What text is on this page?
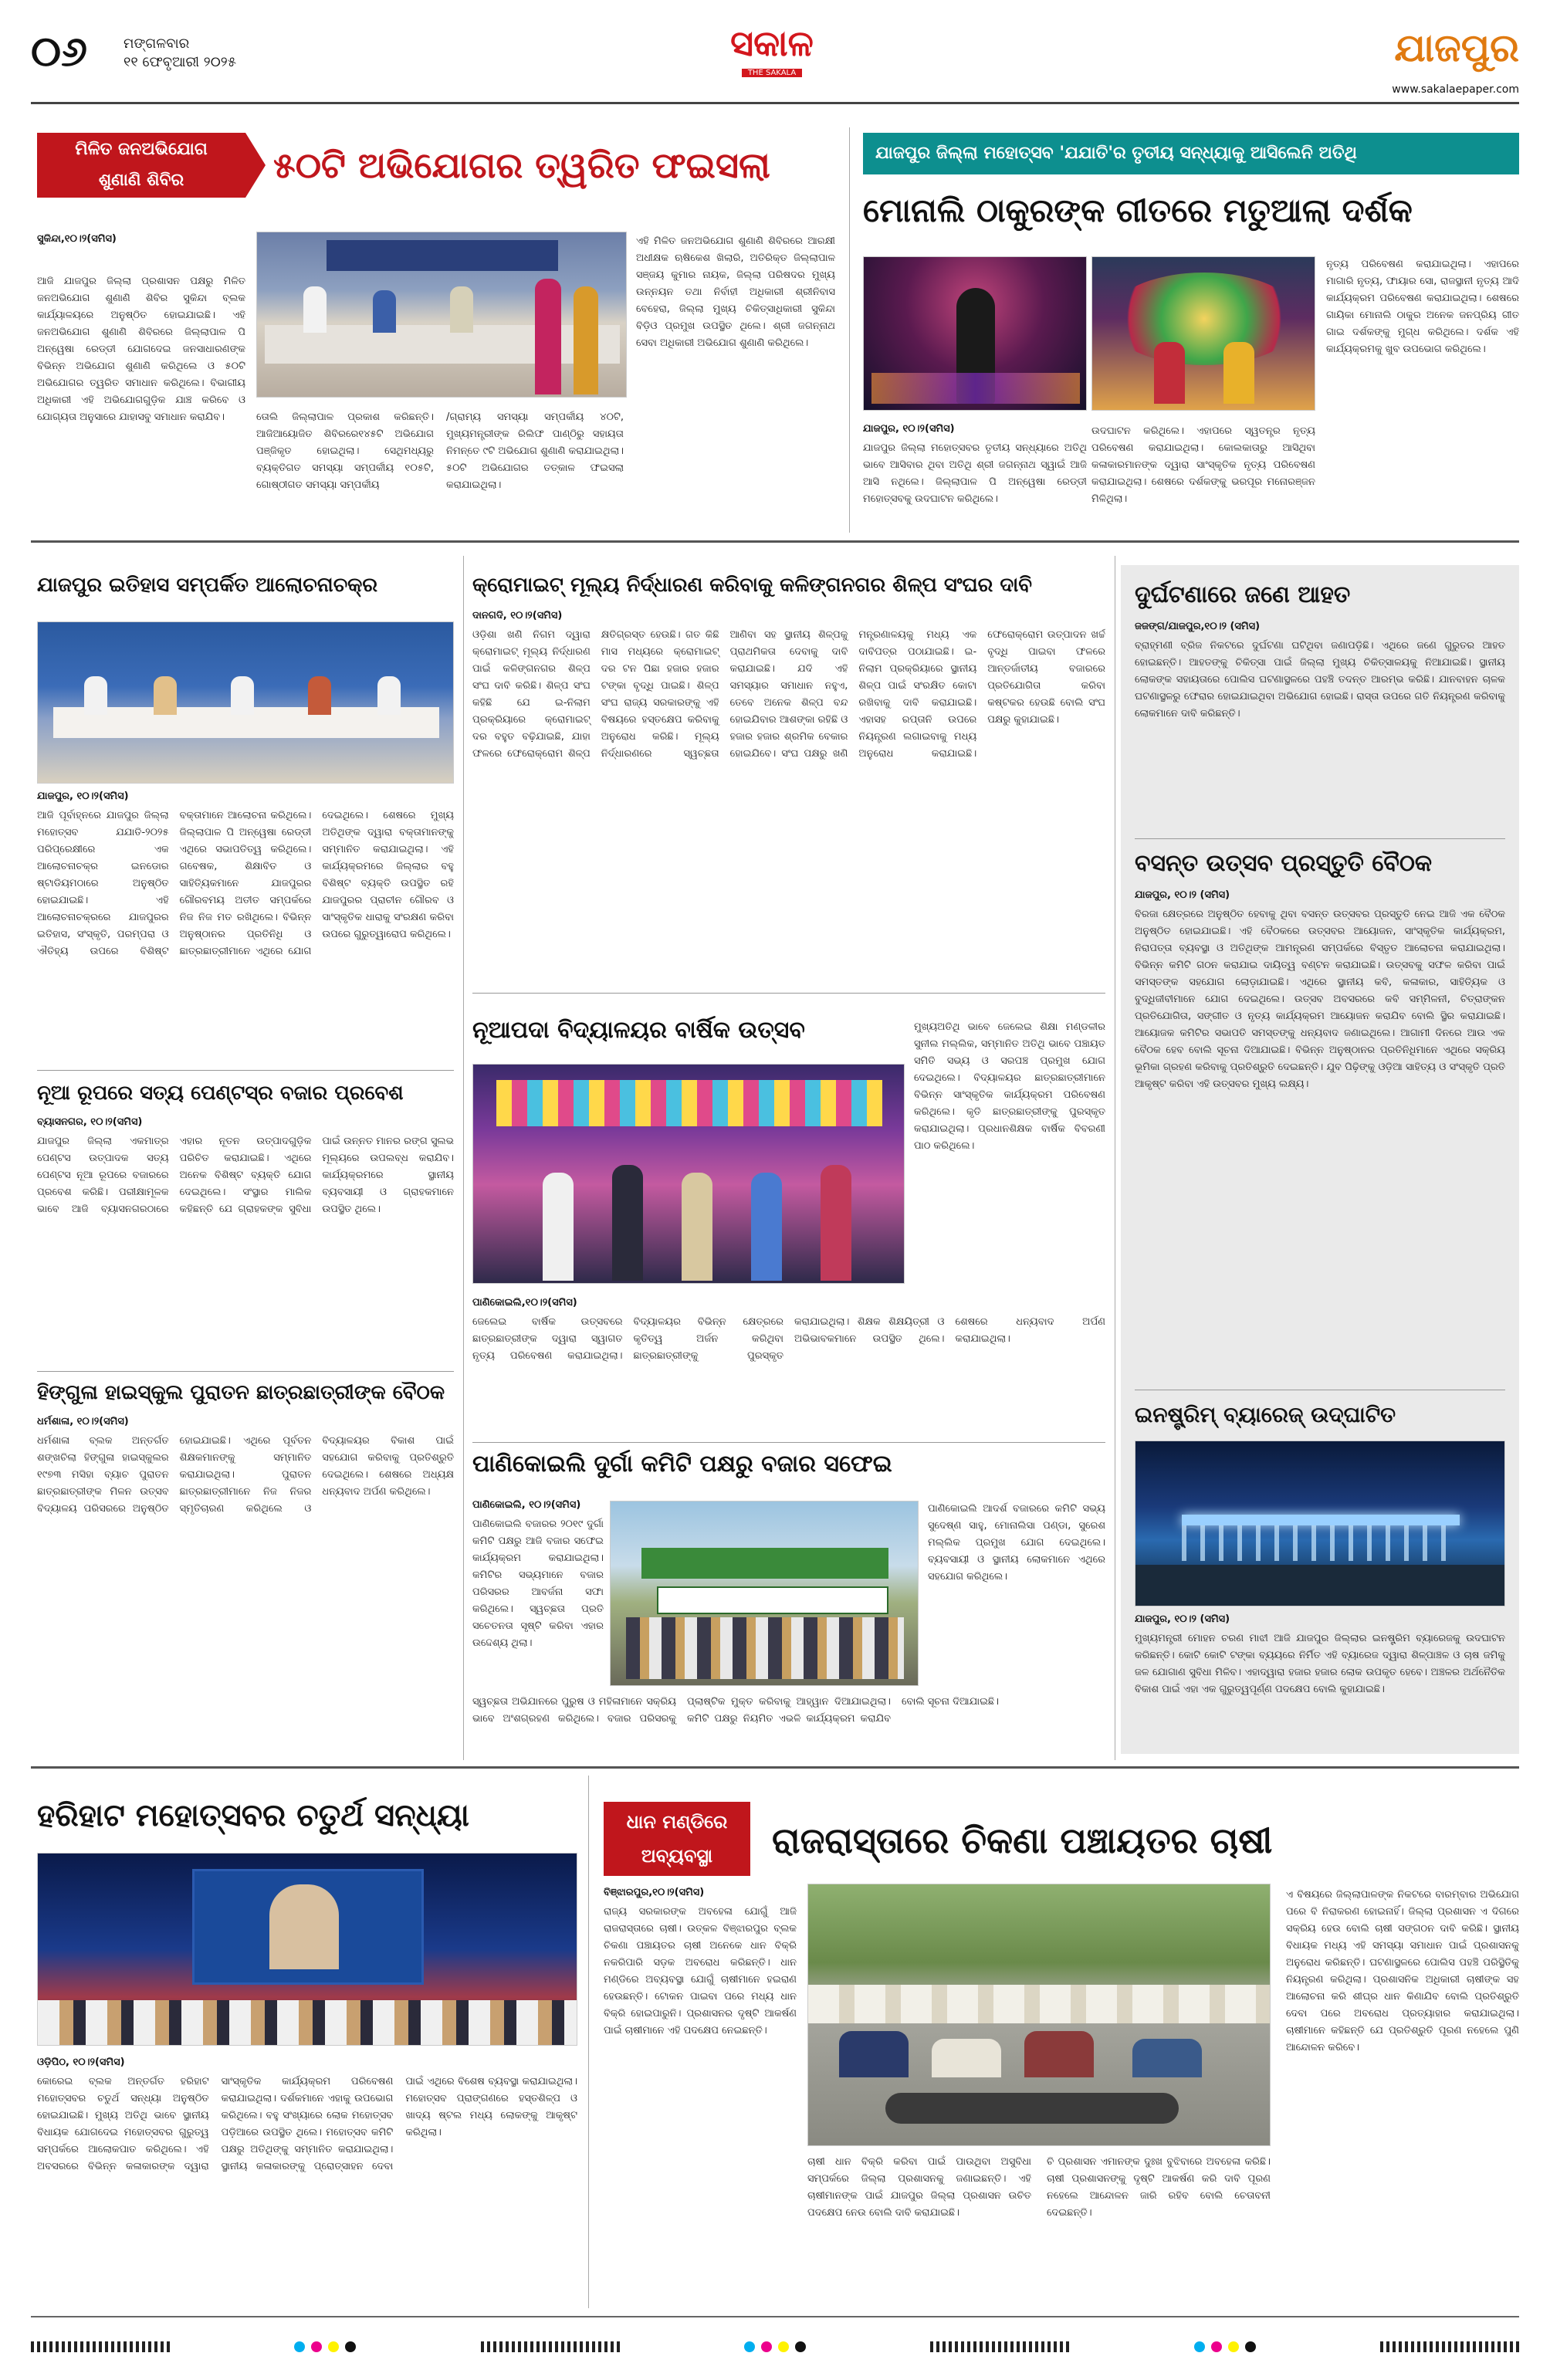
୦୬	ମଙ୍ଗଳବାର
୧୧ ଫେବୃଆରୀ ୨୦୨୫	ସକାଳ
THE SAKALA
ଯାଜପୁର
www.sakalaepaper.com
ମିଳିତ ଜନଅଭିଯୋଗ
ଶୁଣାଣି ଶିବିର	୫୦ଟି ଅଭିଯୋଗର ତ୍ୱରିତ ଫଇସଲା
ସୁକିନ୍ଦା,୧୦।୨(ସମିସ)
ଆଜି ଯାଜପୁର ଜିଲ୍ଲା ପ୍ରଶାସନ ପକ୍ଷରୁ ମିଳିତ ଜନଅଭିଯୋଗ ଶୁଣାଣି ଶିବିର ସୁକିନ୍ଦା ବ୍ଲକ କାର୍ଯ୍ୟାଳୟରେ ଅନୁଷ୍ଠିତ ହୋଇଯାଇଛି। ଏହି ଜନଅଭିଯୋଗ ଶୁଣାଣି ଶିବିରରେ ଜିଲ୍ଲାପାଳ ପି ଅନ୍ୱେଷା ରେଡ୍ଡୀ ଯୋଗଦେଇ ଜନସାଧାରଣଙ୍କ ବିଭିନ୍ନ ଅଭିଯୋଗ ଶୁଣାଣି କରିଥିଲେ ଓ ୫୦ଟି ଅଭିଯୋଗର ତ୍ୱରିତ ସମାଧାନ କରିଥିଲେ। ବିଭାଗୀୟ ଅଧିକାରୀ ଏହି ଅଭିଯୋଗଗୁଡ଼ିକ ଯାଞ୍ଚ କରିବେ ଓ ଯୋଗ୍ୟତା ଅନୁସାରେ ଯାହାସବୁ ସମାଧାନ କରାଯିବ।	ତୋଲି ଜିଲ୍ଲାପାଳ ପ୍ରକାଶ କରିଛନ୍ତି। ଆଜିଆୟୋଜିତ ଶିବିରରେ୧୪୫ଟି ଅଭିଯୋଗ ପଞ୍ଜିକୃତ ହୋଇଥିଲା। ସେଥିମଧ୍ୟରୁ ବ୍ୟକ୍ତିଗତ ସମସ୍ୟା ସମ୍ପର୍କୀୟ ୧୦୫ଟି, ଗୋଷ୍ଠୀଗତ ସମସ୍ୟା ସମ୍ପର୍କୀୟ
/ଗ୍ରାମ୍ୟ ସମସ୍ୟା ସମ୍ପର୍କୀୟ ୪୦ଟି, ମୁଖ୍ୟମନ୍ତ୍ରୀଙ୍କ ରିଲିଫ ପାଣ୍ଠିରୁ ସହାୟତା ନିମନ୍ତେ ୯ଟି ଅଭିଯୋଗ ଶୁଣାଣି କରାଯାଇଥିଲା। ୫୦ଟି ଅଭିଯୋଗର ତତ୍କାଳ ଫଇସଲା କରାଯାଇଥିଲା।
ଏହି ମିଳିତ ଜନଅଭିଯୋଗ ଶୁଣାଣି ଶିବିରରେ ଆରକ୍ଷୀ ଅଧୀକ୍ଷକ ଋଷିକେଶ ଖିଲାରି, ଅତିରିକ୍ତ ଜିଲ୍ଲାପାଳ ସଞ୍ଜୟ କୁମାର ନାୟକ, ଜିଲ୍ଲା ପରିଷଦର ମୁଖ୍ୟ ଉନ୍ନୟନ ତଥା ନିର୍ବାହୀ ଅଧିକାରୀ ଶ୍ରୀନିବାସ ବେହେରା, ଜିଲ୍ଲା ମୁଖ୍ୟ ଚିକିତ୍ସାଧିକାରୀ ସୁକିନ୍ଦା ବିଡ଼ିଓ ପ୍ରମୁଖ ଉପସ୍ଥିତ ଥିଲେ। ଶ୍ରୀ ଜଗନ୍ନାଥ ସେବା ଅଧିକାରୀ ଅଭିଯୋଗ ଶୁଣାଣି କରିଥିଲେ।
ଯାଜପୁର ଜିଲ୍ଲା ମହୋତ୍ସବ 'ଯଯାତି'ର ତୃତୀୟ ସନ୍ଧ୍ୟାକୁ ଆସିଲେନି ଅତିଥି
ମୋନାଲି ଠାକୁରଙ୍କ ଗୀତରେ ମତୁଆଲା ଦର୍ଶକ
ନୃତ୍ୟ ପରିବେଷଣ କରାଯାଇଥିଲା। ଏହାପରେ ମାଗାରି ନୃତ୍ୟ, ଫାୟାର ସୋ, ରାଜସ୍ଥାନୀ ନୃତ୍ୟ ଆଦି କାର୍ଯ୍ୟକ୍ରମ ପରିବେଷଣ କରାଯାଇଥିଲା। ଶେଷରେ ଗାୟିକା ମୋନାଲି ଠାକୁର ଅନେକ ଜନପ୍ରିୟ ଗୀତ ଗାଇ ଦର୍ଶକଙ୍କୁ ମୁଗ୍ଧ କରିଥିଲେ। ଦର୍ଶକ ଏହି କାର୍ଯ୍ୟକ୍ରମକୁ ଖୁବ ଉପଭୋଗ କରିଥିଲେ।
ଯାଜପୁର, ୧୦।୨(ସମିସ)
ଯାଜପୁର ଜିଲ୍ଲା ମହୋତ୍ସବର ତୃତୀୟ ସନ୍ଧ୍ୟାରେ ଅତିଥି ଭାବେ ଆସିବାର ଥିବା ଅତିଥି ଶ୍ରୀ ଜଗନ୍ନାଥ ସ୍ୱାଇଁ ଆଜି ଆସି ନଥିଲେ। ଜିଲ୍ଲାପାଳ ପି ଅନ୍ୱେଷା ରେଡ୍ଡୀ ମହୋତ୍ସବକୁ ଉଦଘାଟନ କରିଥିଲେ।
ଉଦଘାଟନ କରିଥିଲେ। ଏହାପରେ ସ୍ୱତନ୍ତ୍ର ନୃତ୍ୟ ପରିବେଷଣ କରାଯାଇଥିଲା। କୋଲକାତାରୁ ଆସିଥିବା କଳାକାରମାନଙ୍କ ଦ୍ୱାରା ସାଂସ୍କୃତିକ ନୃତ୍ୟ ପରିବେଷଣ କରାଯାଇଥିଲା। ଶେଷରେ ଦର୍ଶକଙ୍କୁ ଭରପୂର ମନୋରଞ୍ଜନ ମିଳିଥିଲା।
ଯାଜପୁର ଇତିହାସ ସମ୍ପର୍କିତ ଆଲୋଚନାଚକ୍ର
ଯାଜପୁର, ୧୦।୨(ସମିସ)
ଆଜି ପୂର୍ବାହ୍ନରେ ଯାଜପୁର ଜିଲ୍ଲା ମହୋତ୍ସବ ଯଯାତି-୨୦୨୫ ପରିପ୍ରେକ୍ଷୀରେ ଏକ ଆଲୋଚନାଚକ୍ର ଇନଡୋର ଷ୍ଟାଡିୟମଠାରେ ଅନୁଷ୍ଠିତ ହୋଇଯାଇଛି। ଏହି ଆଲୋଚନାଚକ୍ରରେ ଯାଜପୁରର ଇତିହାସ, ସଂସ୍କୃତି, ପରମ୍ପରା ଓ ଐତିହ୍ୟ ଉପରେ ବିଶିଷ୍ଟ ବକ୍ତାମାନେ ଆଲୋଚନା କରିଥିଲେ। ଜିଲ୍ଲାପାଳ ପି ଅନ୍ୱେଷା ରେଡ୍ଡୀ ଏଥିରେ ସଭାପତିତ୍ୱ କରିଥିଲେ। ଗବେଷକ, ଶିକ୍ଷାବିତ ଓ ସାହିତ୍ୟିକମାନେ ଯାଜପୁରର ଗୌରବମୟ ଅତୀତ ସମ୍ପର୍କରେ ନିଜ ନିଜ ମତ ରଖିଥିଲେ। ବିଭିନ୍ନ ଅନୁଷ୍ଠାନର ପ୍ରତିନିଧି ଓ ଛାତ୍ରଛାତ୍ରୀମାନେ ଏଥିରେ ଯୋଗ ଦେଇଥିଲେ। ଶେଷରେ ମୁଖ୍ୟ ଅତିଥିଙ୍କ ଦ୍ୱାରା ବକ୍ତାମାନଙ୍କୁ ସମ୍ମାନିତ କରାଯାଇଥିଲା। ଏହି କାର୍ଯ୍ୟକ୍ରମରେ ଜିଲ୍ଲାର ବହୁ ବିଶିଷ୍ଟ ବ୍ୟକ୍ତି ଉପସ୍ଥିତ ରହି ଯାଜପୁରର ପ୍ରାଚୀନ ଗୌରବ ଓ ସାଂସ୍କୃତିକ ଧାରାକୁ ସଂରକ୍ଷଣ କରିବା ଉପରେ ଗୁରୁତ୍ୱାରୋପ କରିଥିଲେ।
ନୂଆ ରୂପରେ ସତ୍ୟ ପେଣ୍ଟସ୍‌ର ବଜାର ପ୍ରବେଶ
ବ୍ୟାସନଗର, ୧୦।୨(ସମିସ)
ଯାଜପୁର ଜିଲ୍ଲା ଏକମାତ୍ର ପେଣ୍ଟସ ଉତ୍ପାଦକ ସତ୍ୟ ପେଣ୍ଟସ ନୂଆ ରୂପରେ ବଜାରରେ ପ୍ରବେଶ କରିଛି। ପରୀକ୍ଷାମୂଳକ ଭାବେ ଆଜି ବ୍ୟାସନଗରଠାରେ ଏହାର ନୂତନ ଉତ୍ପାଦଗୁଡ଼ିକ ପରିଚିତ କରାଯାଇଛି। ଏଥିରେ ଅନେକ ବିଶିଷ୍ଟ ବ୍ୟକ୍ତି ଯୋଗ ଦେଇଥିଲେ। ସଂସ୍ଥାର ମାଲିକ କହିଛନ୍ତି ଯେ ଗ୍ରାହକଙ୍କ ସୁବିଧା ପାଇଁ ଉନ୍ନତ ମାନର ରଙ୍ଗ ସୁଲଭ ମୂଲ୍ୟରେ ଉପଲବ୍ଧ କରାଯିବ। କାର୍ଯ୍ୟକ୍ରମରେ ସ୍ଥାନୀୟ ବ୍ୟବସାୟୀ ଓ ଗ୍ରାହକମାନେ ଉପସ୍ଥିତ ଥିଲେ।
ହିଙ୍ଗୁଳା ହାଇସ୍କୁଲ ପୁରାତନ ଛାତ୍ରଛାତ୍ରୀଙ୍କ ବୈଠକ
ଧର୍ମଶାଳା, ୧୦।୨(ସମିସ)
ଧର୍ମଶାଳା ବ୍ଲକ ଅନ୍ତର୍ଗତ ଶଙ୍ଖଚିଲା ହିଙ୍ଗୁଳା ହାଇସ୍କୁଲର ୧୯୭୩ ମସିହା ବ୍ୟାଚ ପୁରାତନ ଛାତ୍ରଛାତ୍ରୀଙ୍କ ମିଳନ ଉତ୍ସବ ବିଦ୍ୟାଳୟ ପରିସରରେ ଅନୁଷ୍ଠିତ ହୋଇଯାଇଛି। ଏଥିରେ ପୂର୍ବତନ ଶିକ୍ଷକମାନଙ୍କୁ ସମ୍ମାନିତ କରାଯାଇଥିଲା। ପୁରାତନ ଛାତ୍ରଛାତ୍ରୀମାନେ ନିଜ ନିଜର ସ୍ମୃତିଚାରଣ କରିଥିଲେ ଓ ବିଦ୍ୟାଳୟର ବିକାଶ ପାଇଁ ସହଯୋଗ କରିବାକୁ ପ୍ରତିଶ୍ରୁତି ଦେଇଥିଲେ। ଶେଷରେ ଅଧ୍ୟକ୍ଷ ଧନ୍ୟବାଦ ଅର୍ପଣ କରିଥିଲେ।
କ୍ରୋମାଇଟ୍ ମୂଲ୍ୟ ନିର୍ଦ୍ଧାରଣ କରିବାକୁ କଳିଙ୍ଗନଗର ଶିଳ୍ପ ସଂଘର ଦାବି
ଦାନଗଦି, ୧୦।୨(ସମିସ)
ଓଡ଼ିଶା ଖଣି ନିଗମ ଦ୍ୱାରା କ୍ରୋମାଇଟ୍ ମୂଲ୍ୟ ନିର୍ଦ୍ଧାରଣ ପାଇଁ କଳିଙ୍ଗନଗର ଶିଳ୍ପ ସଂଘ ଦାବି କରିଛି। ଶିଳ୍ପ ସଂଘ କହିଛି ଯେ ଇ-ନିଲାମ ପ୍ରକ୍ରିୟାରେ କ୍ରୋମାଇଟ୍ ଦର ବହୁତ ବଢ଼ିଯାଇଛି, ଯାହା ଫଳରେ ଫେରୋକ୍ରୋମ ଶିଳ୍ପ କ୍ଷତିଗ୍ରସ୍ତ ହେଉଛି। ଗତ କିଛି ମାସ ମଧ୍ୟରେ କ୍ରୋମାଇଟ୍ ଦର ଟନ ପିଛା ହଜାର ହଜାର ଟଙ୍କା ବୃଦ୍ଧି ପାଇଛି। ଶିଳ୍ପ ସଂଘ ରାଜ୍ୟ ସରକାରଙ୍କୁ ଏହି ବିଷୟରେ ହସ୍ତକ୍ଷେପ କରିବାକୁ ଅନୁରୋଧ କରିଛି। ମୂଲ୍ୟ ନିର୍ଦ୍ଧାରଣରେ ସ୍ୱଚ୍ଛତା ଆଣିବା ସହ ସ୍ଥାନୀୟ ଶିଳ୍ପକୁ ପ୍ରାଥମିକତା ଦେବାକୁ ଦାବି କରାଯାଇଛି। ଯଦି ଏହି ସମସ୍ୟାର ସମାଧାନ ନହୁଏ, ତେବେ ଅନେକ ଶିଳ୍ପ ବନ୍ଦ ହୋଇଯିବାର ଆଶଙ୍କା ରହିଛି ଓ ହଜାର ହଜାର ଶ୍ରମିକ ବେକାର ହୋଇଯିବେ। ସଂଘ ପକ୍ଷରୁ ଖଣି ମନ୍ତ୍ରଣାଳୟକୁ ମଧ୍ୟ ଏକ ଦାବିପତ୍ର ପଠାଯାଇଛି। ଇ-ନିଲାମ ପ୍ରକ୍ରିୟାରେ ସ୍ଥାନୀୟ ଶିଳ୍ପ ପାଇଁ ସଂରକ୍ଷିତ କୋଟା ରଖିବାକୁ ଦାବି କରାଯାଇଛି। ଏହାସହ ରପ୍ତାନି ଉପରେ ନିୟନ୍ତ୍ରଣ ଲଗାଇବାକୁ ମଧ୍ୟ ଅନୁରୋଧ କରାଯାଇଛି। ଫେରୋକ୍ରୋମ ଉତ୍ପାଦନ ଖର୍ଚ୍ଚ ବୃଦ୍ଧି ପାଇବା ଫଳରେ ଆନ୍ତର୍ଜାତୀୟ ବଜାରରେ ପ୍ରତିଯୋଗିତା କରିବା କଷ୍ଟକର ହେଉଛି ବୋଲି ସଂଘ ପକ୍ଷରୁ କୁହାଯାଇଛି।
ନୂଆପଦା ବିଦ୍ୟାଳୟର ବାର୍ଷିକ ଉତ୍ସବ	ମୁଖ୍ୟଅତିଥି ଭାବେ ଜେଲେଇ ଶିକ୍ଷା ମଣ୍ଡଳୀର ସୁନୀଲ ମଲ୍ଲିକ, ସମ୍ମାନିତ ଅତିଥି ଭାବେ ପଞ୍ଚାୟତ ସମିତି ସଭ୍ୟ ଓ ସରପଞ୍ଚ ପ୍ରମୁଖ ଯୋଗ ଦେଇଥିଲେ। ବିଦ୍ୟାଳୟର ଛାତ୍ରଛାତ୍ରୀମାନେ ବିଭିନ୍ନ ସାଂସ୍କୃତିକ କାର୍ଯ୍ୟକ୍ରମ ପରିବେଷଣ କରିଥିଲେ। କୃତି ଛାତ୍ରଛାତ୍ରୀଙ୍କୁ ପୁରସ୍କୃତ କରାଯାଇଥିଲା। ପ୍ରଧାନଶିକ୍ଷକ ବାର୍ଷିକ ବିବରଣୀ ପାଠ କରିଥିଲେ।
ପାଣିକୋଇଲି,୧୦।୨(ସମିସ)
ଜେଲେଇ ବାର୍ଷିକ ଉତ୍ସବରେ ଛାତ୍ରଛାତ୍ରୀଙ୍କ ଦ୍ୱାରା ସ୍ୱାଗତ ନୃତ୍ୟ ପରିବେଷଣ କରାଯାଇଥିଲା। ବିଦ୍ୟାଳୟର ବିଭିନ୍ନ କ୍ଷେତ୍ରରେ କୃତିତ୍ୱ ଅର୍ଜନ କରିଥିବା ଛାତ୍ରଛାତ୍ରୀଙ୍କୁ ପୁରସ୍କୃତ କରାଯାଇଥିଲା। ଶିକ୍ଷକ ଶିକ୍ଷୟିତ୍ରୀ ଓ ଅଭିଭାବକମାନେ ଉପସ୍ଥିତ ଥିଲେ। ଶେଷରେ ଧନ୍ୟବାଦ ଅର୍ପଣ କରାଯାଇଥିଲା।
ପାଣିକୋଇଲି ଦୁର୍ଗା କମିଟି ପକ୍ଷରୁ ବଜାର ସଫେଇ
ପାଣିକୋଇଲି, ୧୦।୨(ସମିସ)
ପାଣିକୋଇଲି ବଜାରର ୨୦୧୯ ଦୁର୍ଗା କମିଟି ପକ୍ଷରୁ ଆଜି ବଜାର ସଫେଇ କାର୍ଯ୍ୟକ୍ରମ କରାଯାଇଥିଲା। କମିଟିର ସଭ୍ୟମାନେ ବଜାର ପରିସରର ଆବର୍ଜନା ସଫା କରିଥିଲେ। ସ୍ୱଚ୍ଛତା ପ୍ରତି ସଚେତନତା ସୃଷ୍ଟି କରିବା ଏହାର ଉଦ୍ଦେଶ୍ୟ ଥିଲା।
ପାଣିକୋଇଲି ଆଦର୍ଶ ବଜାରରେ କମିଟି ସଭ୍ୟ ସୁଦେଷ୍ଣ ସାହୁ, ମୋନାଲିସା ପଣ୍ଡା, ସୁରେଶ ମଲ୍ଲିକ ପ୍ରମୁଖ ଯୋଗ ଦେଇଥିଲେ। ବ୍ୟବସାୟୀ ଓ ସ୍ଥାନୀୟ ଲୋକମାନେ ଏଥିରେ ସହଯୋଗ କରିଥିଲେ।
ସ୍ୱଚ୍ଛତା ଅଭିଯାନରେ ପୁରୁଷ ଓ ମହିଳାମାନେ ସକ୍ରିୟ ଭାବେ ଅଂଶଗ୍ରହଣ କରିଥିଲେ। ବଜାର ପରିସରକୁ ପ୍ଲାଷ୍ଟିକ ମୁକ୍ତ କରିବାକୁ ଆହ୍ୱାନ ଦିଆଯାଇଥିଲା। କମିଟି ପକ୍ଷରୁ ନିୟମିତ ଏଭଳି କାର୍ଯ୍ୟକ୍ରମ କରାଯିବ ବୋଲି ସୂଚନା ଦିଆଯାଇଛି।
ଦୁର୍ଘଟଣାରେ ଜଣେ ଆହତ
ଜଜଙ୍ଗ/ଯାଜପୁର,୧୦।୨ (ସମିସ)
ବ୍ରାହ୍ମଣୀ ବ୍ରିଜ ନିକଟରେ ଦୁର୍ଘଟଣା ଘଟିଥିବା ଜଣାପଡ଼ିଛି। ଏଥିରେ ଜଣେ ଗୁରୁତର ଆହତ ହୋଇଛନ୍ତି। ଆହତଙ୍କୁ ଚିକିତ୍ସା ପାଇଁ ଜିଲ୍ଲା ମୁଖ୍ୟ ଚିକିତ୍ସାଳୟକୁ ନିଆଯାଇଛି। ସ୍ଥାନୀୟ ଲୋକଙ୍କ ସହାୟତାରେ ପୋଲିସ ଘଟଣାସ୍ଥଳରେ ପହଞ୍ଚି ତଦନ୍ତ ଆରମ୍ଭ କରିଛି। ଯାନବାହନ ଚାଳକ ଘଟଣାସ୍ଥଳରୁ ଫେରାର ହୋଇଯାଇଥିବା ଅଭିଯୋଗ ହୋଇଛି। ରାସ୍ତା ଉପରେ ଗତି ନିୟନ୍ତ୍ରଣ କରିବାକୁ ଲୋକମାନେ ଦାବି କରିଛନ୍ତି।
ବସନ୍ତ ଉତ୍ସବ ପ୍ରସ୍ତୁତି ବୈଠକ
ଯାଜପୁର, ୧୦।୨ (ସମିସ)
ବିରଜା କ୍ଷେତ୍ରରେ ଅନୁଷ୍ଠିତ ହେବାକୁ ଥିବା ବସନ୍ତ ଉତ୍ସବର ପ୍ରସ୍ତୁତି ନେଇ ଆଜି ଏକ ବୈଠକ ଅନୁଷ୍ଠିତ ହୋଇଯାଇଛି। ଏହି ବୈଠକରେ ଉତ୍ସବର ଆୟୋଜନ, ସାଂସ୍କୃତିକ କାର୍ଯ୍ୟକ୍ରମ, ନିରାପତ୍ତା ବ୍ୟବସ୍ଥା ଓ ଅତିଥିଙ୍କ ଆମନ୍ତ୍ରଣ ସମ୍ପର୍କରେ ବିସ୍ତୃତ ଆଲୋଚନା କରାଯାଇଥିଲା। ବିଭିନ୍ନ କମିଟି ଗଠନ କରାଯାଇ ଦାୟିତ୍ୱ ବଣ୍ଟନ କରାଯାଇଛି। ଉତ୍ସବକୁ ସଫଳ କରିବା ପାଇଁ ସମସ୍ତଙ୍କ ସହଯୋଗ ଲୋଡ଼ାଯାଇଛି। ଏଥିରେ ସ୍ଥାନୀୟ କବି, କଳାକାର, ସାହିତ୍ୟିକ ଓ ବୁଦ୍ଧିଜୀବୀମାନେ ଯୋଗ ଦେଇଥିଲେ। ଉତ୍ସବ ଅବସରରେ କବି ସମ୍ମିଳନୀ, ଚିତ୍ରାଙ୍କନ ପ୍ରତିଯୋଗିତା, ସଙ୍ଗୀତ ଓ ନୃତ୍ୟ କାର୍ଯ୍ୟକ୍ରମ ଆୟୋଜନ କରାଯିବ ବୋଲି ସ୍ଥିର କରାଯାଇଛି। ଆୟୋଜକ କମିଟିର ସଭାପତି ସମସ୍ତଙ୍କୁ ଧନ୍ୟବାଦ ଜଣାଇଥିଲେ। ଆଗାମୀ ଦିନରେ ଆଉ ଏକ ବୈଠକ ହେବ ବୋଲି ସୂଚନା ଦିଆଯାଇଛି। ବିଭିନ୍ନ ଅନୁଷ୍ଠାନର ପ୍ରତିନିଧିମାନେ ଏଥିରେ ସକ୍ରିୟ ଭୂମିକା ଗ୍ରହଣ କରିବାକୁ ପ୍ରତିଶ୍ରୁତି ଦେଇଛନ୍ତି। ଯୁବ ପିଢ଼ିଙ୍କୁ ଓଡ଼ିଆ ସାହିତ୍ୟ ଓ ସଂସ୍କୃତି ପ୍ରତି ଆକୃଷ୍ଟ କରିବା ଏହି ଉତ୍ସବର ମୁଖ୍ୟ ଲକ୍ଷ୍ୟ।
ଇନଷ୍ଟ୍ରିମ୍ ବ୍ୟାରେଜ୍ ଉଦ୍‌ଘାଟିତ
ଯାଜପୁର, ୧୦।୨ (ସମିସ)
ମୁଖ୍ୟମନ୍ତ୍ରୀ ମୋହନ ଚରଣ ମାଝୀ ଆଜି ଯାଜପୁର ଜିଲ୍ଲାର ଇନଷ୍ଟ୍ରିମ ବ୍ୟାରେଜକୁ ଉଦଘାଟନ କରିଛନ୍ତି। କୋଟି କୋଟି ଟଙ୍କା ବ୍ୟୟରେ ନିର୍ମିତ ଏହି ବ୍ୟାରେଜ ଦ୍ୱାରା ଶିଳ୍ପାଞ୍ଚଳ ଓ ଚାଷ ଜମିକୁ ଜଳ ଯୋଗାଣ ସୁବିଧା ମିଳିବ। ଏହାଦ୍ୱାରା ହଜାର ହଜାର ଲୋକ ଉପକୃତ ହେବେ। ଅଞ୍ଚଳର ଅର୍ଥନୈତିକ ବିକାଶ ପାଇଁ ଏହା ଏକ ଗୁରୁତ୍ୱପୂର୍ଣ୍ଣ ପଦକ୍ଷେପ ବୋଲି କୁହାଯାଇଛି।
ହରିହାଟ ମହୋତ୍ସବର ଚତୁର୍ଥ ସନ୍ଧ୍ୟା
ଓଡ଼ିପିଠ, ୧୦।୨(ସମିସ)
କୋରେଇ ବ୍ଲକ ଅନ୍ତର୍ଗତ ହରିହାଟ ମହୋତ୍ସବର ଚତୁର୍ଥ ସନ୍ଧ୍ୟା ଅନୁଷ୍ଠିତ ହୋଇଯାଇଛି। ମୁଖ୍ୟ ଅତିଥି ଭାବେ ସ୍ଥାନୀୟ ବିଧାୟକ ଯୋଗଦେଇ ମହୋତ୍ସବର ଗୁରୁତ୍ୱ ସମ୍ପର୍କରେ ଆଲୋକପାତ କରିଥିଲେ। ଏହି ଅବସରରେ ବିଭିନ୍ନ କଳାକାରଙ୍କ ଦ୍ୱାରା ସାଂସ୍କୃତିକ କାର୍ଯ୍ୟକ୍ରମ ପରିବେଷଣ କରାଯାଇଥିଲା। ଦର୍ଶକମାନେ ଏହାକୁ ଉପଭୋଗ କରିଥିଲେ। ବହୁ ସଂଖ୍ୟାରେ ଲୋକ ମହୋତ୍ସବ ପଡ଼ିଆରେ ଉପସ୍ଥିତ ଥିଲେ। ମହୋତ୍ସବ କମିଟି ପକ୍ଷରୁ ଅତିଥିଙ୍କୁ ସମ୍ମାନିତ କରାଯାଇଥିଲା। ସ୍ଥାନୀୟ କଳାକାରଙ୍କୁ ପ୍ରୋତ୍ସାହନ ଦେବା ପାଇଁ ଏଥିରେ ବିଶେଷ ବ୍ୟବସ୍ଥା କରାଯାଇଥିଲା। ମହୋତ୍ସବ ପ୍ରାଙ୍ଗଣରେ ହସ୍ତଶିଳ୍ପ ଓ ଖାଦ୍ୟ ଷ୍ଟଲ ମଧ୍ୟ ଲୋକଙ୍କୁ ଆକୃଷ୍ଟ କରିଥିଲା।
ଧାନ ମଣ୍ଡିରେ
ଅବ୍ୟବସ୍ଥା	ରାଜରାସ୍ତାରେ ଚିକଣା ପଞ୍ଚାୟତର ଚାଷୀ
ବିଞ୍ଝାରପୁର,୧୦।୨(ସମିସ)
ରାଜ୍ୟ ସରକାରଙ୍କ ଅବହେଳା ଯୋଗୁଁ ଆଜି ରାଜରାସ୍ତାରେ ଚାଷୀ। ଉତ୍କଳ ବିଞ୍ଝାରପୁର ବ୍ଲକ ଚିକଣା ପଞ୍ଚାୟତର ଚାଷୀ ଅନେକେ ଧାନ ବିକ୍ରି ନକରିପାରି ସଡ଼କ ଅବରୋଧ କରିଛନ୍ତି। ଧାନ ମଣ୍ଡିରେ ଅବ୍ୟବସ୍ଥା ଯୋଗୁଁ ଚାଷୀମାନେ ହଇରାଣ ହେଉଛନ୍ତି। ଟୋକନ ପାଇବା ପରେ ମଧ୍ୟ ଧାନ ବିକ୍ରି ହୋଇପାରୁନି। ପ୍ରଶାସନର ଦୃଷ୍ଟି ଆକର୍ଷଣ ପାଇଁ ଚାଷୀମାନେ ଏହି ପଦକ୍ଷେପ ନେଇଛନ୍ତି।
ଚାଷୀ ଧାନ ବିକ୍ରି କରିବା ପାଇଁ ପାଉଥିବା ଅସୁବିଧା ସମ୍ପର୍କରେ ଜିଲ୍ଲା ପ୍ରଶାସନକୁ ଜଣାଇଛନ୍ତି। ଏହି ଚାଷୀମାନଙ୍କ ପାଇଁ ଯାଜପୁର ଜିଲ୍ଲା ପ୍ରଶାସନ ଉଚିତ ପଦକ୍ଷେପ ନେଉ ବୋଲି ଦାବି କରାଯାଇଛି।
ଚି ପ୍ରଶାସନ ଏମାନଙ୍କ ଦୁଃଖ ବୁଝିବାରେ ଅବହେଳା କରିଛି। ଚାଷୀ ପ୍ରଶାସନଙ୍କୁ ଦୃଷ୍ଟି ଆକର୍ଷଣ କରି ଦାବି ପୂରଣ ନହେଲେ ଆନ୍ଦୋଳନ ଜାରି ରହିବ ବୋଲି ଚେତାବନୀ ଦେଇଛନ୍ତି।
ଏ ବିଷୟରେ ଜିଲ୍ଲାପାଳଙ୍କ ନିକଟରେ ବାରମ୍ବାର ଅଭିଯୋଗ ପରେ ବି ନିରାକରଣ ହୋଇନାହିଁ। ଜିଲ୍ଲା ପ୍ରଶାସନ ଏ ଦିଗରେ ସକ୍ରିୟ ହେଉ ବୋଲି ଚାଷୀ ସଙ୍ଗଠନ ଦାବି କରିଛି। ସ୍ଥାନୀୟ ବିଧାୟକ ମଧ୍ୟ ଏହି ସମସ୍ୟା ସମାଧାନ ପାଇଁ ପ୍ରଶାସନକୁ ଅନୁରୋଧ କରିଛନ୍ତି। ଘଟଣାସ୍ଥଳରେ ପୋଲିସ ପହଞ୍ଚି ପରିସ୍ଥିତିକୁ ନିୟନ୍ତ୍ରଣ କରିଥିଲା। ପ୍ରଶାସନିକ ଅଧିକାରୀ ଚାଷୀଙ୍କ ସହ ଆଲୋଚନା କରି ଶୀଘ୍ର ଧାନ କିଣାଯିବ ବୋଲି ପ୍ରତିଶ୍ରୁତି ଦେବା ପରେ ଅବରୋଧ ପ୍ରତ୍ୟାହାର କରାଯାଇଥିଲା। ଚାଷୀମାନେ କହିଛନ୍ତି ଯେ ପ୍ରତିଶ୍ରୁତି ପୂରଣ ନହେଲେ ପୁଣି ଆନ୍ଦୋଳନ କରିବେ।
